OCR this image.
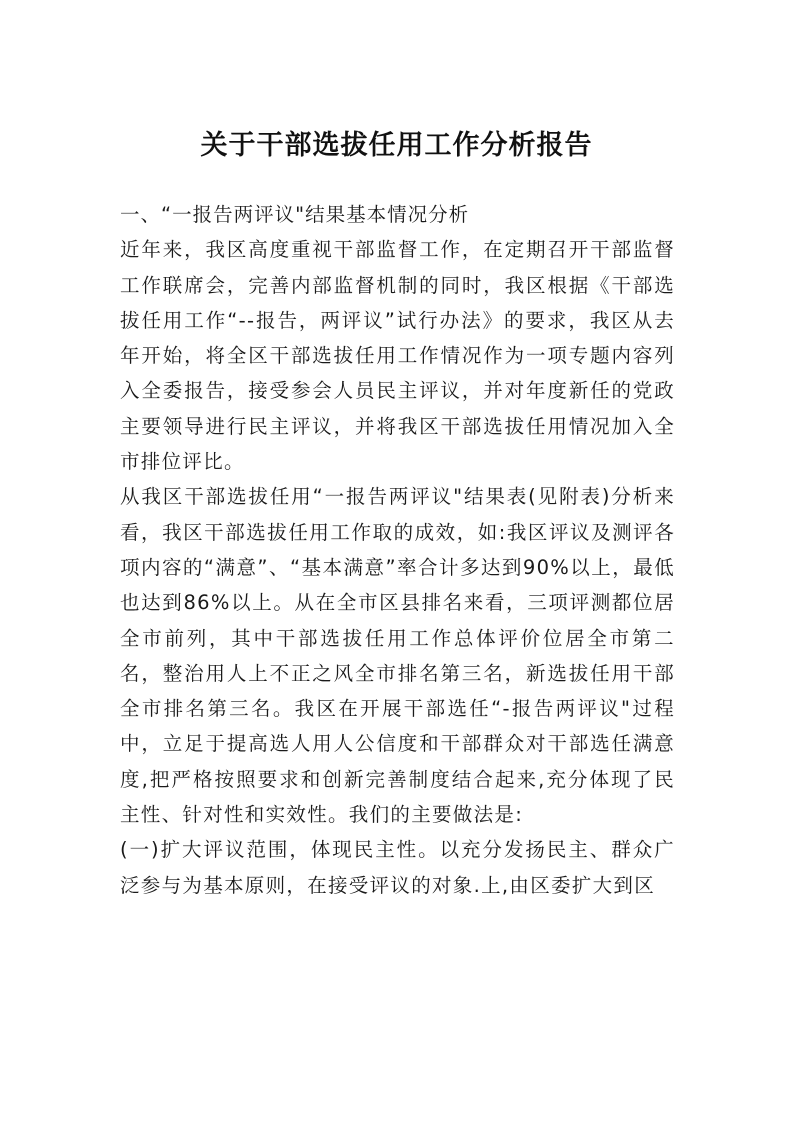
关于干部选拔任用工作分析报告

一、“一报告两评议"结果基本情况分析

近年来，我区高度重视干部监督工作，在定期召开干部监督工作联席会，完善内部监督机制的同时，我区根据《干部选拔任用工作“--报告，两评议”试行办法》的要求，我区从去年开始，将全区干部选拔任用工作情况作为一项专题内容列入全委报告，接受参会人员民主评议，并对年度新任的党政主要领导进行民主评议，并将我区干部选拔任用情况加入全市排位评比。

从我区干部选拔任用“一报告两评议"结果表(见附表)分析来看，我区干部选拔任用工作取的成效，如:我区评议及测评各项内容的“满意”、“基本满意”率合计多达到90%以上，最低也达到86%以上。从在全市区县排名来看，三项评测都位居全市前列，其中干部选拔任用工作总体评价位居全市第二名，整治用人上不正之风全市排名第三名，新选拔任用干部全市排名第三名。我区在开展干部选任“-报告两评议"过程中，立足于提高选人用人公信度和干部群众对干部选任满意度,把严格按照要求和创新完善制度结合起来,充分体现了民主性、针对性和实效性。我们的主要做法是:

(一)扩大评议范围，体现民主性。以充分发扬民主、群众广泛参与为基本原则，在接受评议的对象.上,由区委扩大到区
